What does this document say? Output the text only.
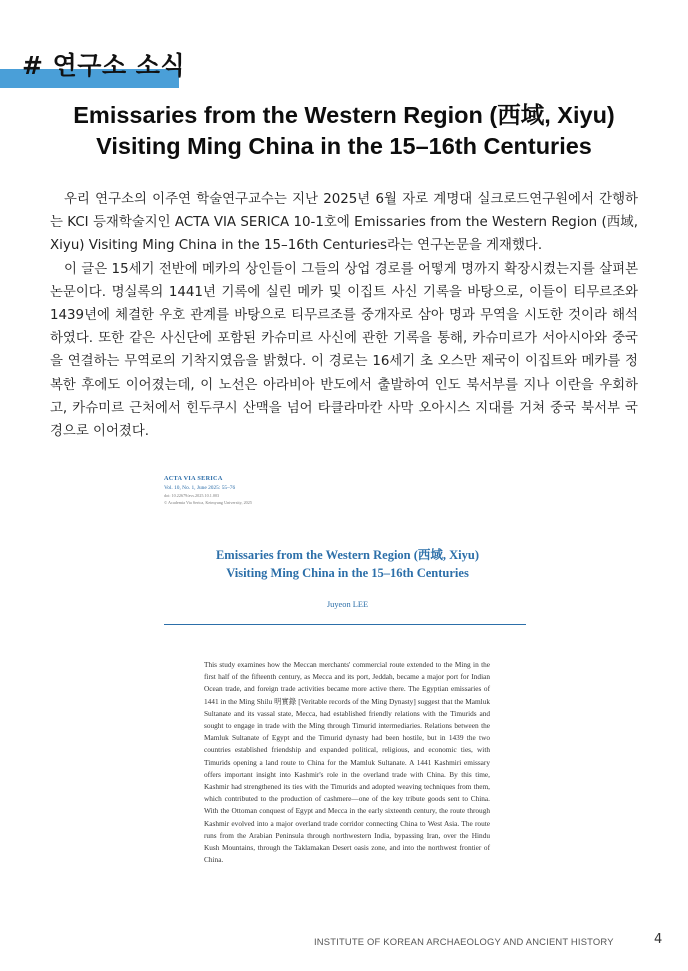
# 연구소 소식
Emissaries from the Western Region (西域, Xiyu)
Visiting Ming China in the 15–16th Centuries

우리 연구소의 이주연 학술연구교수는 지난 2025년 6월 자로 계명대 실크로드연구원에서 간행하는 KCI 등재학술지인 ACTA VIA SERICA 10-1호에 Emissaries from the Western Region (西域, Xiyu) Visiting Ming China in the 15–16th Centuries라는 연구논문을 게재했다.

이 글은 15세기 전반에 메카의 상인들이 그들의 상업 경로를 어떻게 명까지 확장시켰는지를 살펴본 논문이다. 명실록의 1441년 기록에 실린 메카 및 이집트 사신 기록을 바탕으로, 이들이 티무르조와 1439년에 체결한 우호 관계를 바탕으로 티무르조를 중개자로 삼아 명과 무역을 시도한 것이라 해석하였다. 또한 같은 사신단에 포함된 카슈미르 사신에 관한 기록을 통해, 카슈미르가 서아시아와 중국을 연결하는 무역로의 기착지였음을 밝혔다. 이 경로는 16세기 초 오스만 제국이 이집트와 메카를 정복한 후에도 이어졌는데, 이 노선은 아라비아 반도에서 출발하여 인도 북서부를 지나 이란을 우회하고, 카슈미르 근처에서 힌두쿠시 산맥을 넘어 타클라마칸 사막 오아시스 지대를 거쳐 중국 북서부 국경으로 이어졌다.

ACTA VIA SERICA
Vol. 10, No. 1, June 2025: 55–76
doi: 10.22679/avs.2025.10.1.003
© Academia Via Serica, Keimyung University, 2025
Emissaries from the Western Region (西域, Xiyu)
Visiting Ming China in the 15–16th Centuries
Juyeon LEE
This study examines how the Meccan merchants' commercial route extended to the Ming in the first half of the fifteenth century, as Mecca and its port, Jeddah, became a major port for Indian Ocean trade, and foreign trade activities became more active there. The Egyptian emissaries of 1441 in the Ming Shilu 明實錄 [Veritable records of the Ming Dynasty] suggest that the Mamluk Sultanate and its vassal state, Mecca, had established friendly relations with the Timurids and sought to engage in trade with the Ming through Timurid intermediaries. Relations between the Mamluk Sultanate of Egypt and the Timurid dynasty had been hostile, but in 1439 the two countries established friendship and expanded political, religious, and economic ties, with Timurids opening a land route to China for the Mamluk Sultanate. A 1441 Kashmiri emissary offers important insight into Kashmir's role in the overland trade with China. By this time, Kashmir had strengthened its ties with the Timurids and adopted weaving techniques from them, which contributed to the production of cashmere—one of the key tribute goods sent to China. With the Ottoman conquest of Egypt and Mecca in the early sixteenth century, the route through Kashmir evolved into a major overland trade corridor connecting China to West Asia. The route runs from the Arabian Peninsula through northwestern India, bypassing Iran, over the Hindu Kush Mountains, through the Taklamakan Desert oasis zone, and into the northwest frontier of China.
INSTITUTE OF KOREAN ARCHAEOLOGY AND ANCIENT HISTORY	4
